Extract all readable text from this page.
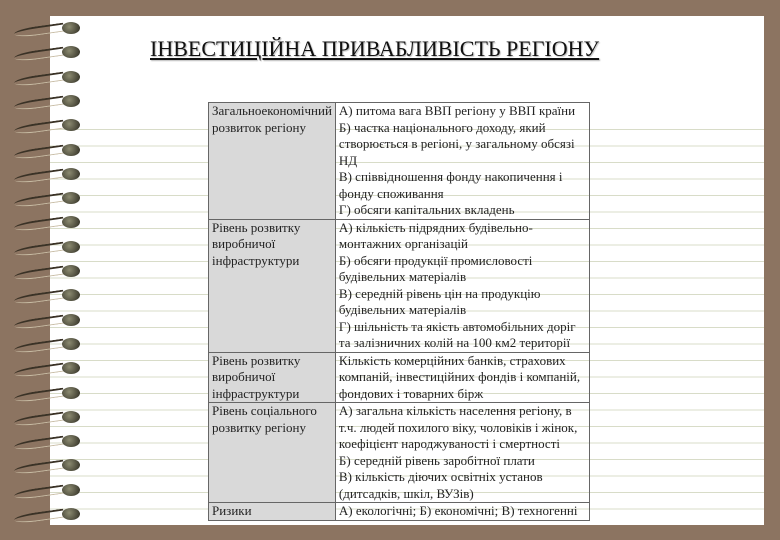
ІНВЕСТИЦІЙНА ПРИВАБЛИВІСТЬ РЕГІОНУ
Загальноекономічний розвиток регіону	А) питома вага ВВП регіону у ВВП країни
Б) частка національного доходу, який створюється в регіоні, у загальному обсязі НД
В) співвідношення фонду накопичення і фонду споживання
Г) обсяги капітальних вкладень

Рівень розвитку виробничої інфраструктури	А) кількість підрядних будівельно-монтажних організацій
Б) обсяги продукції промисловості будівельних матеріалів
В) середній рівень цін на продукцію будівельних матеріалів
Г) шільність та якість автомобільних доріг та залізничних колій на 100 км2 території

Рівень розвитку виробничої інфраструктури	Кількість комерційних банків, страхових компаній, інвестиційних фондів і компаній, фондових і товарних бірж

Рівень соціального розвитку регіону	А) загальна кількість населення регіону, в т.ч. людей похилого віку, чоловіків і жінок, коефіцієнт народжуваності і смертності
Б) середній рівень заробітної плати
В) кількість діючих освітніх установ (дитсадків, шкіл, ВУЗів)

Ризики	А) екологічні; Б) економічні; В) техногенні
